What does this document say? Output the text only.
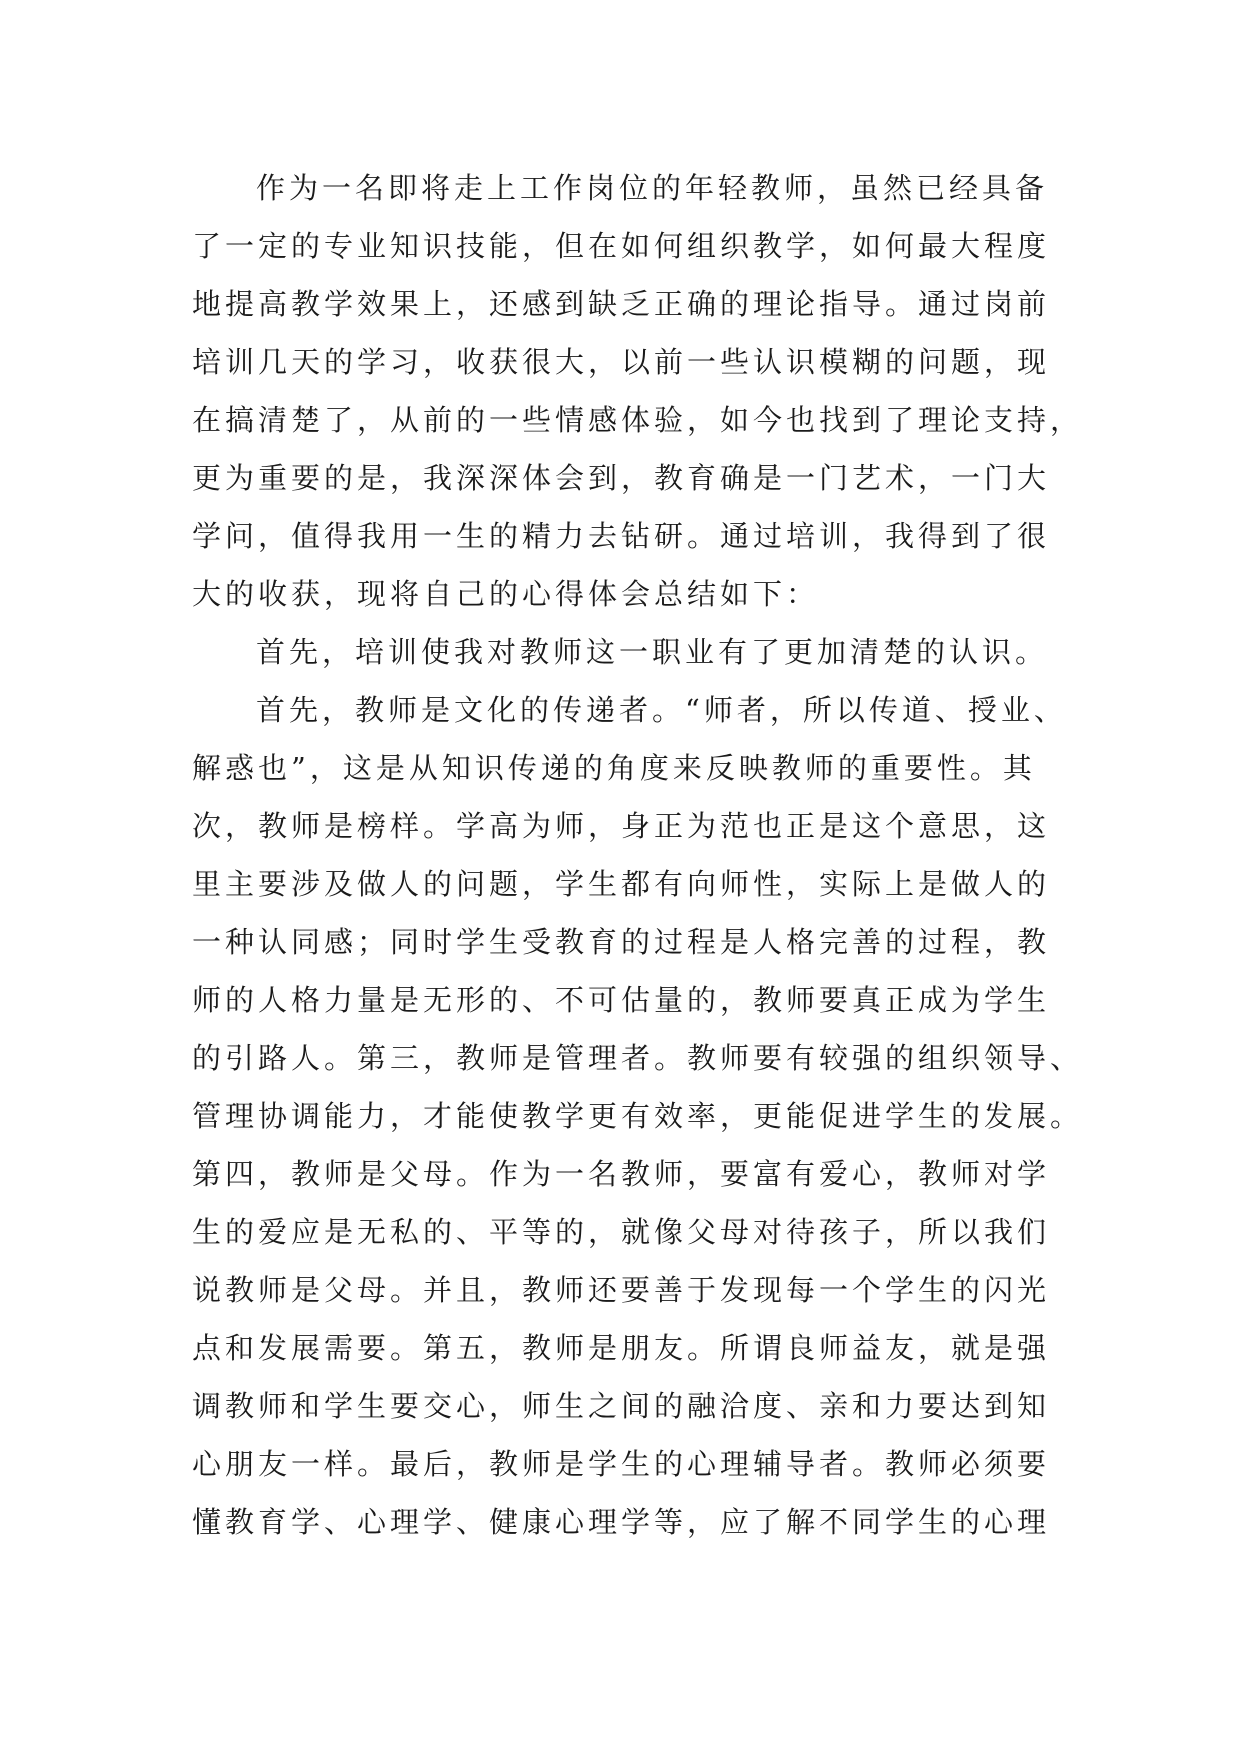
作为一名即将走上工作岗位的年轻教师，虽然已经具备
了一定的专业知识技能，但在如何组织教学，如何最大程度
地提高教学效果上，还感到缺乏正确的理论指导。通过岗前
培训几天的学习，收获很大，以前一些认识模糊的问题，现
在搞清楚了，从前的一些情感体验，如今也找到了理论支持，
更为重要的是，我深深体会到，教育确是一门艺术，一门大
学问，值得我用一生的精力去钻研。通过培训，我得到了很
大的收获，现将自己的心得体会总结如下：
首先，培训使我对教师这一职业有了更加清楚的认识。
首先，教师是文化的传递者。“师者，所以传道、授业、
解惑也”，这是从知识传递的角度来反映教师的重要性。其
次，教师是榜样。学高为师，身正为范也正是这个意思，这
里主要涉及做人的问题，学生都有向师性，实际上是做人的
一种认同感；同时学生受教育的过程是人格完善的过程，教
师的人格力量是无形的、不可估量的，教师要真正成为学生
的引路人。第三，教师是管理者。教师要有较强的组织领导、
管理协调能力，才能使教学更有效率，更能促进学生的发展。
第四，教师是父母。作为一名教师，要富有爱心，教师对学
生的爱应是无私的、平等的，就像父母对待孩子，所以我们
说教师是父母。并且，教师还要善于发现每一个学生的闪光
点和发展需要。第五，教师是朋友。所谓良师益友，就是强
调教师和学生要交心，师生之间的融洽度、亲和力要达到知
心朋友一样。最后，教师是学生的心理辅导者。教师必须要
懂教育学、心理学、健康心理学等，应了解不同学生的心理
